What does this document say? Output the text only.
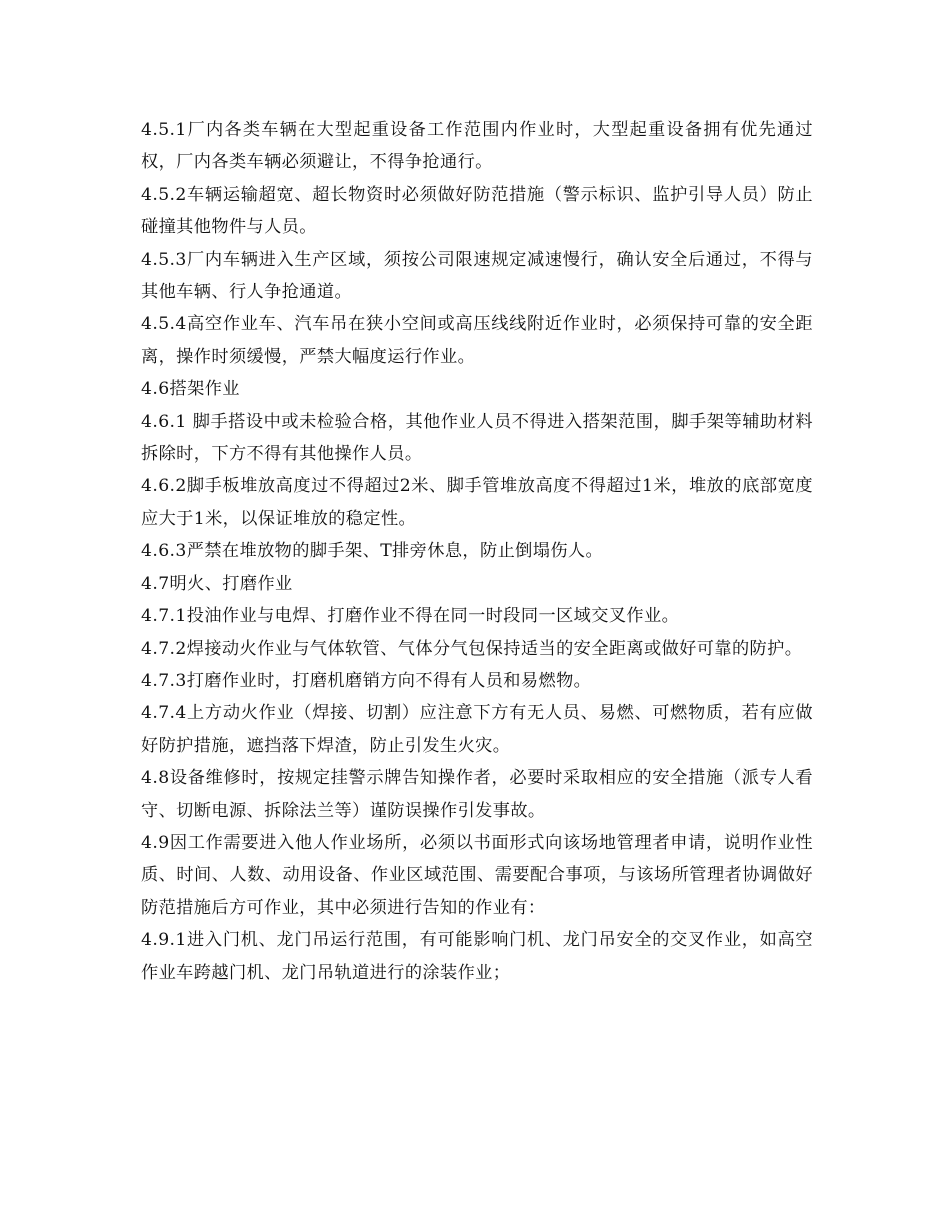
4.5.1厂内各类车辆在大型起重设备工作范围内作业时，大型起重设备拥有优先通过权，厂内各类车辆必须避让，不得争抢通行。

4.5.2车辆运输超宽、超长物资时必须做好防范措施（警示标识、监护引导人员）防止碰撞其他物件与人员。

4.5.3厂内车辆进入生产区域，须按公司限速规定减速慢行，确认安全后通过，不得与其他车辆、行人争抢通道。

4.5.4高空作业车、汽车吊在狭小空间或高压线线附近作业时，必须保持可靠的安全距离，操作时须缓慢，严禁大幅度运行作业。

4.6搭架作业

4.6.1 脚手搭设中或未检验合格，其他作业人员不得进入搭架范围，脚手架等辅助材料拆除时，下方不得有其他操作人员。

4.6.2脚手板堆放高度过不得超过2米、脚手管堆放高度不得超过1米，堆放的底部宽度应大于1米，以保证堆放的稳定性。

4.6.3严禁在堆放物的脚手架、T排旁休息，防止倒塌伤人。

4.7明火、打磨作业

4.7.1投油作业与电焊、打磨作业不得在同一时段同一区域交叉作业。

4.7.2焊接动火作业与气体软管、气体分气包保持适当的安全距离或做好可靠的防护。

4.7.3打磨作业时，打磨机磨销方向不得有人员和易燃物。

4.7.4上方动火作业（焊接、切割）应注意下方有无人员、易燃、可燃物质，若有应做好防护措施，遮挡落下焊渣，防止引发生火灾。

4.8设备维修时，按规定挂警示牌告知操作者，必要时采取相应的安全措施（派专人看守、切断电源、拆除法兰等）谨防误操作引发事故。

4.9因工作需要进入他人作业场所，必须以书面形式向该场地管理者申请，说明作业性质、时间、人数、动用设备、作业区域范围、需要配合事项，与该场所管理者协调做好防范措施后方可作业，其中必须进行告知的作业有：

4.9.1进入门机、龙门吊运行范围，有可能影响门机、龙门吊安全的交叉作业，如高空作业车跨越门机、龙门吊轨道进行的涂装作业；
